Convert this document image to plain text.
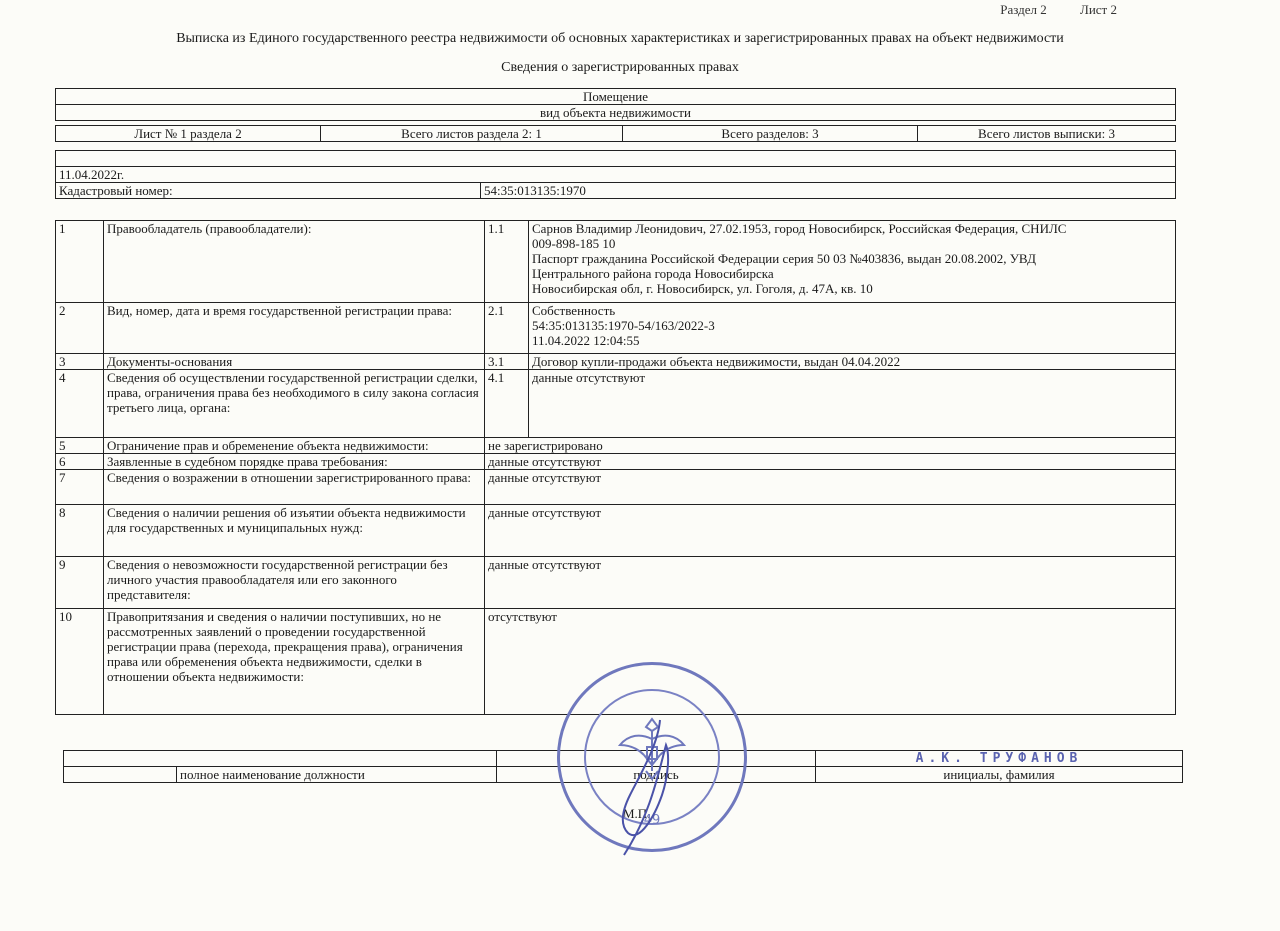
Раздел 2	Лист 2
Выписка из Единого государственного реестра недвижимости об основных характеристиках и зарегистрированных правах на объект недвижимости
Сведения о зарегистрированных правах
Помещение
вид объекта недвижимости
Лист № 1 раздела 2	Всего листов раздела 2: 1	Всего разделов: 3	Всего листов выписки: 3

11.04.2022г.
Кадастровый номер:	54:35:013135:1970
1	Правообладатель (правообладатели):	1.1	Сарнов Владимир Леонидович, 27.02.1953, город Новосибирск, Российская Федерация, СНИЛС
009-898-185 10
Паспорт гражданина Российской Федерации серия 50 03 №403836, выдан 20.08.2002, УВД
Центрального района города Новосибирска
Новосибирская обл, г. Новосибирск, ул. Гоголя, д. 47А, кв. 10

2	Вид, номер, дата и время государственной регистрации права:	2.1	Собственность
54:35:013135:1970-54/163/2022-3
11.04.2022 12:04:55

3	Документы-основания	3.1	Договор купли-продажи объекта недвижимости, выдан 04.04.2022
4	Сведения об осуществлении государственной регистрации сделки, права, ограничения права без необходимого в силу закона согласия третьего лица, органа:	4.1	данные отсутствуют
5	Ограничение прав и обременение объекта недвижимости:	не зарегистрировано	
6	Заявленные в судебном порядке права требования:	данные отсутствуют	
7	Сведения о возражении в отношении зарегистрированного права:	данные отсутствуют	
8	Сведения о наличии решения об изъятии объекта недвижимости для государственных и муниципальных нужд:	данные отсутствуют	
9	Сведения о невозможности государственной регистрации без личного участия правообладателя или его законного представителя:	данные отсутствуют	
10	Правопритязания и сведения о наличии поступивших, но не рассмотренных заявлений о проведении государственной регистрации права (перехода, прекращения права), ограничения права или обременения объекта недвижимости, сделки в отношении объекта недвижимости:	отсутствуют	
			А.К. ТРУФАНОВ
	полное наименование должности	подпись	инициалы, фамилия
М.П.
49
